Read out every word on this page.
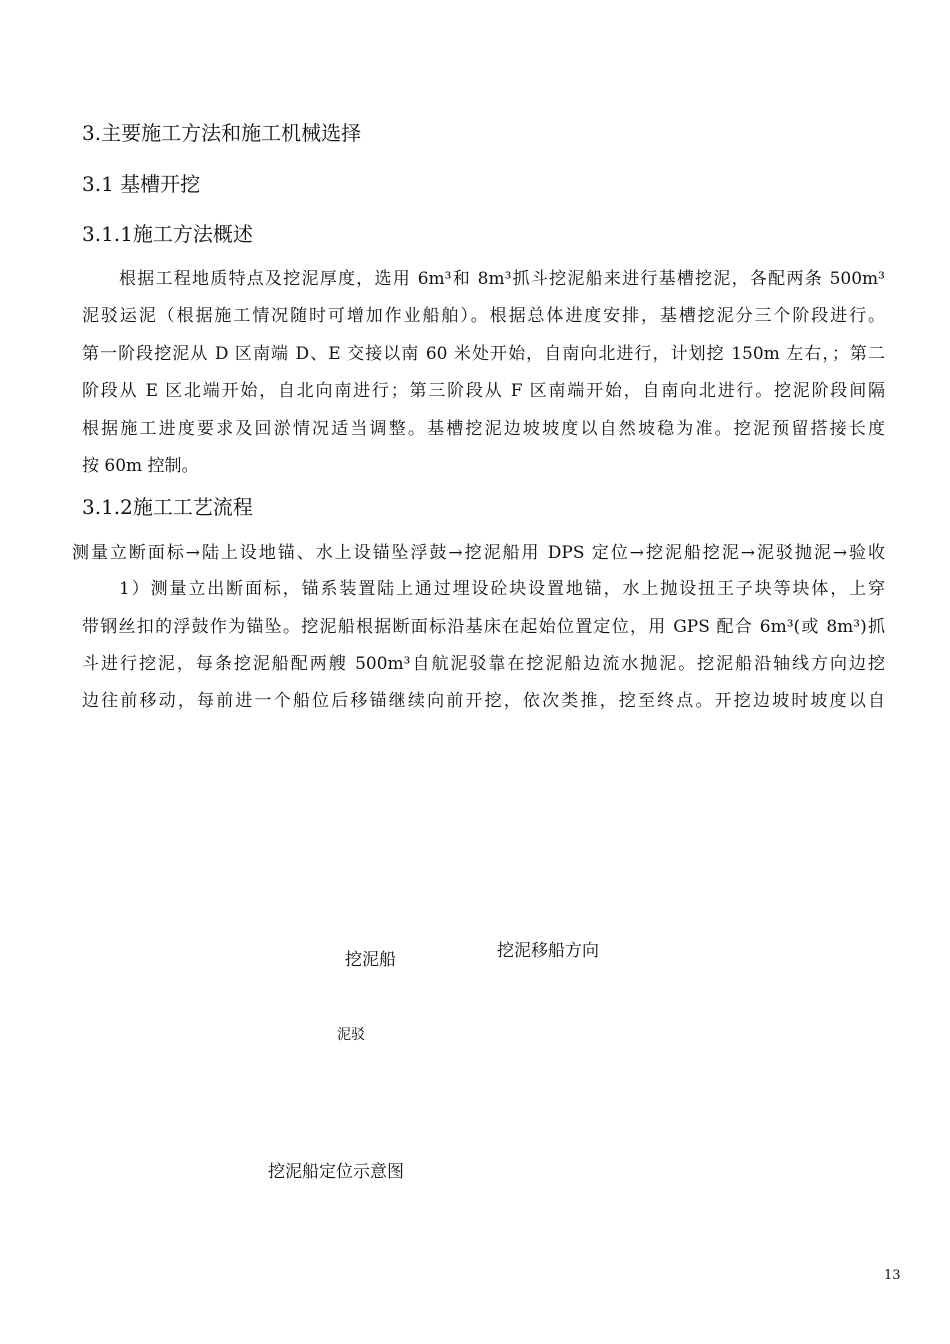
3.主要施工方法和施工机械选择
3.1 基槽开挖
3.1.1施工方法概述
根据工程地质特点及挖泥厚度，选用 6m³和 8m³抓斗挖泥船来进行基槽挖泥，各配两条 500m³
泥驳运泥（根据施工情况随时可增加作业船舶）。根据总体进度安排，基槽挖泥分三个阶段进行。
第一阶段挖泥从 D 区南端 D、E 交接以南 60 米处开始，自南向北进行，计划挖 150m 左右，；第二
阶段从 E 区北端开始，自北向南进行；第三阶段从 F 区南端开始，自南向北进行。挖泥阶段间隔
根据施工进度要求及回淤情况适当调整。基槽挖泥边坡坡度以自然坡稳为准。挖泥预留搭接长度
按 60m 控制。
3.1.2施工工艺流程
测量立断面标→陆上设地锚、水上设锚坠浮鼓→挖泥船用 DPS 定位→挖泥船挖泥→泥驳抛泥→验收
1）测量立出断面标，锚系装置陆上通过埋设砼块设置地锚，水上抛设扭王子块等块体，上穿
带钢丝扣的浮鼓作为锚坠。挖泥船根据断面标沿基床在起始位置定位，用 GPS 配合 6m³(或 8m³)抓
斗进行挖泥，每条挖泥船配两艘 500m³自航泥驳靠在挖泥船边流水抛泥。挖泥船沿轴线方向边挖
边往前移动，每前进一个船位后移锚继续向前开挖，依次类推，挖至终点。开挖边坡时坡度以自
挖泥船	挖泥移船方向
泥驳
挖泥船定位示意图
13
